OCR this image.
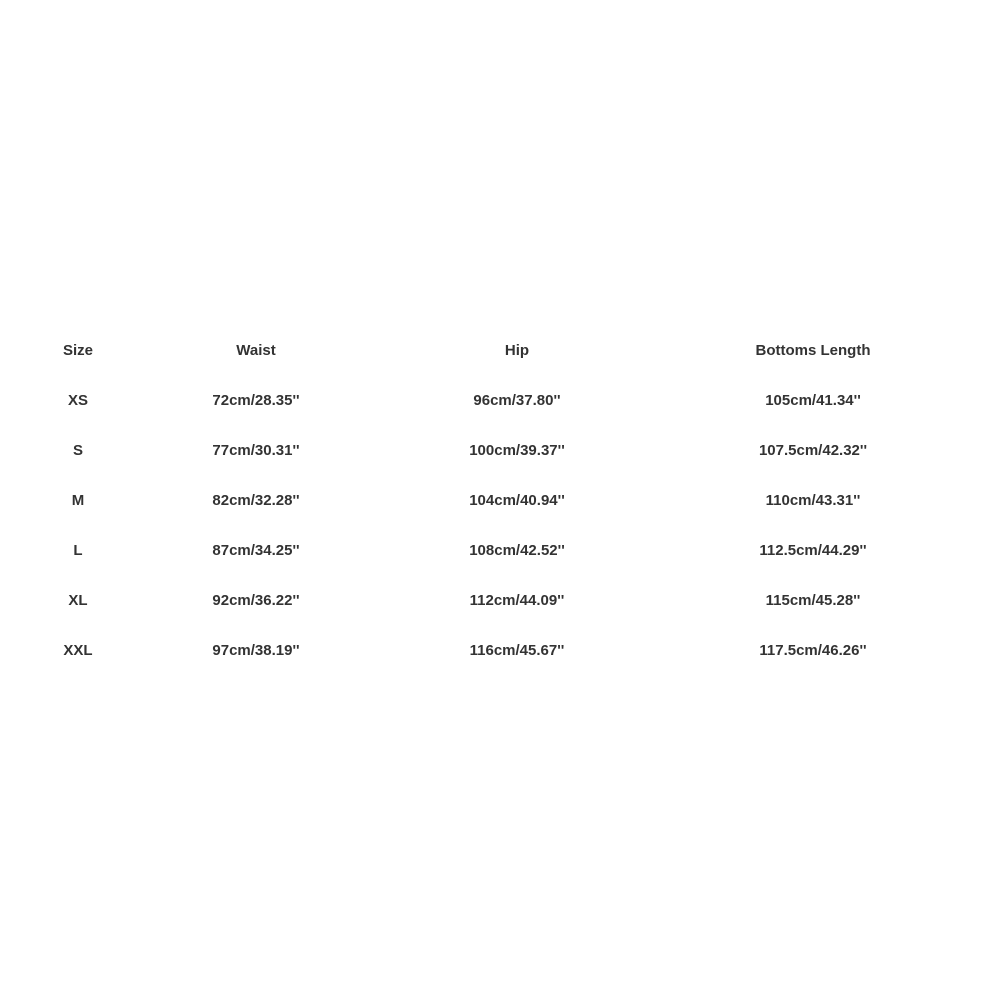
Size	Waist	Hip	Bottoms Length	
XS	72cm/28.35''	96cm/37.80''	105cm/41.34''	
S	77cm/30.31''	100cm/39.37''	107.5cm/42.32''	
M	82cm/32.28''	104cm/40.94''	110cm/43.31''	
L	87cm/34.25''	108cm/42.52''	112.5cm/44.29''	
XL	92cm/36.22''	112cm/44.09''	115cm/45.28''	
XXL	97cm/38.19''	116cm/45.67''	117.5cm/46.26''	
